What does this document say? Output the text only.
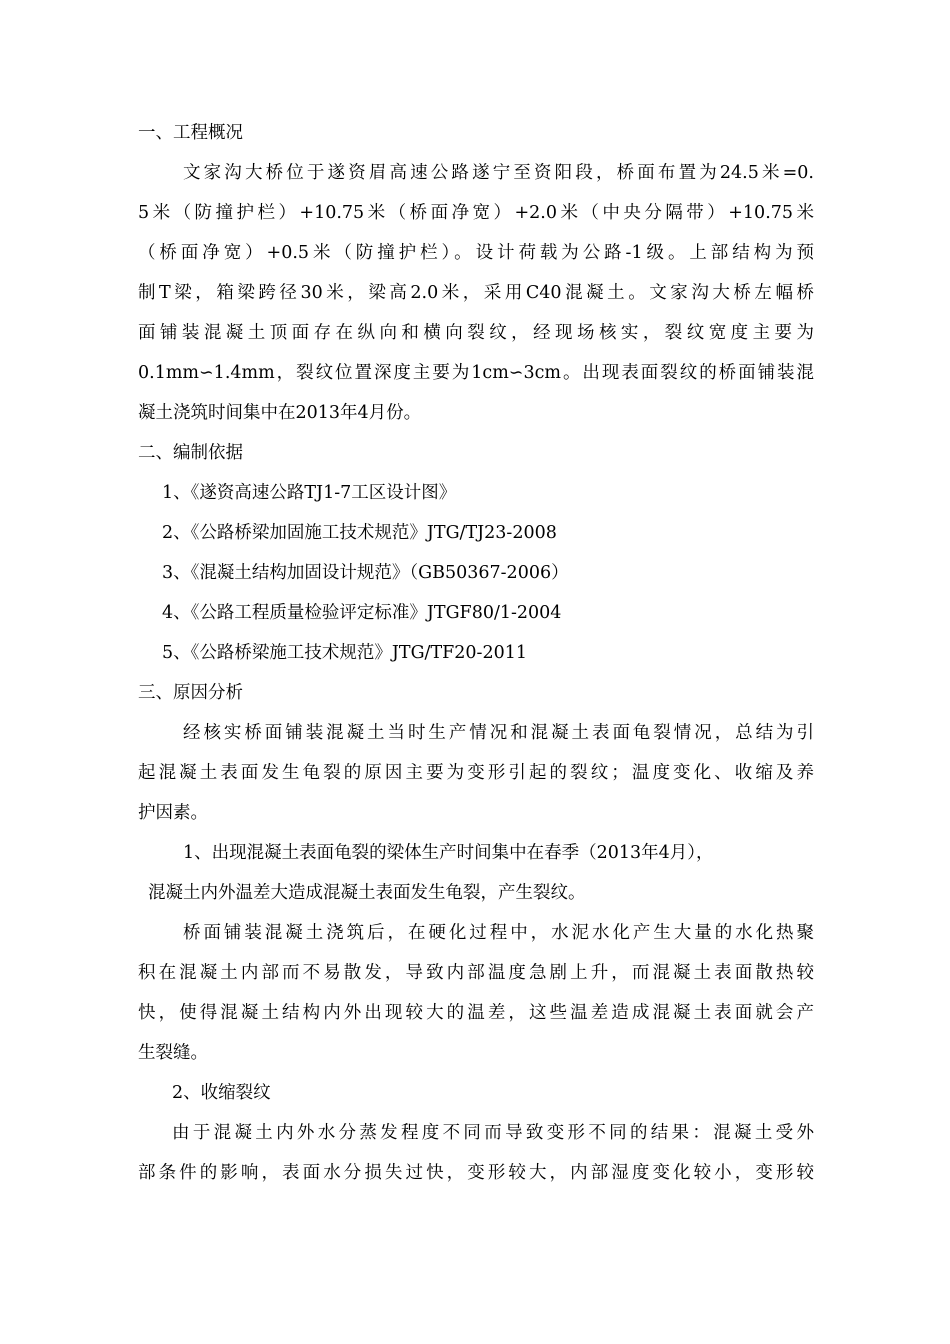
一、工程概况
文家沟大桥位于遂资眉高速公路遂宁至资阳段，桥面布置为24.5米=0.
5米（防撞护栏）+10.75米（桥面净宽）+2.0米（中央分隔带）+10.75米
（桥面净宽）+0.5米（防撞护栏）。设计荷载为公路-1级。上部结构为预
制T梁，箱梁跨径30米，梁高2.0米，采用C40混凝土。文家沟大桥左幅桥
面铺装混凝土顶面存在纵向和横向裂纹，经现场核实，裂纹宽度主要为
0.1mm∽1.4mm，裂纹位置深度主要为1cm∽3cm。出现表面裂纹的桥面铺装混
凝土浇筑时间集中在2013年4月份。
二、编制依据
1、《遂资高速公路TJ1-7工区设计图》
2、《公路桥梁加固施工技术规范》JTG/TJ23-2008
3、《混凝土结构加固设计规范》（GB50367-2006）
4、《公路工程质量检验评定标准》JTGF80/1-2004
5、《公路桥梁施工技术规范》JTG/TF20-2011
三、原因分析
经核实桥面铺装混凝土当时生产情况和混凝土表面龟裂情况，总结为引
起混凝土表面发生龟裂的原因主要为变形引起的裂纹；温度变化、收缩及养
护因素。
1、出现混凝土表面龟裂的梁体生产时间集中在春季（2013年4月），
混凝土内外温差大造成混凝土表面发生龟裂，产生裂纹。
桥面铺装混凝土浇筑后，在硬化过程中，水泥水化产生大量的水化热聚
积在混凝土内部而不易散发，导致内部温度急剧上升，而混凝土表面散热较
快，使得混凝土结构内外出现较大的温差，这些温差造成混凝土表面就会产
生裂缝。
2、收缩裂纹
由于混凝土内外水分蒸发程度不同而导致变形不同的结果：混凝土受外
部条件的影响，表面水分损失过快，变形较大，内部湿度变化较小，变形较
